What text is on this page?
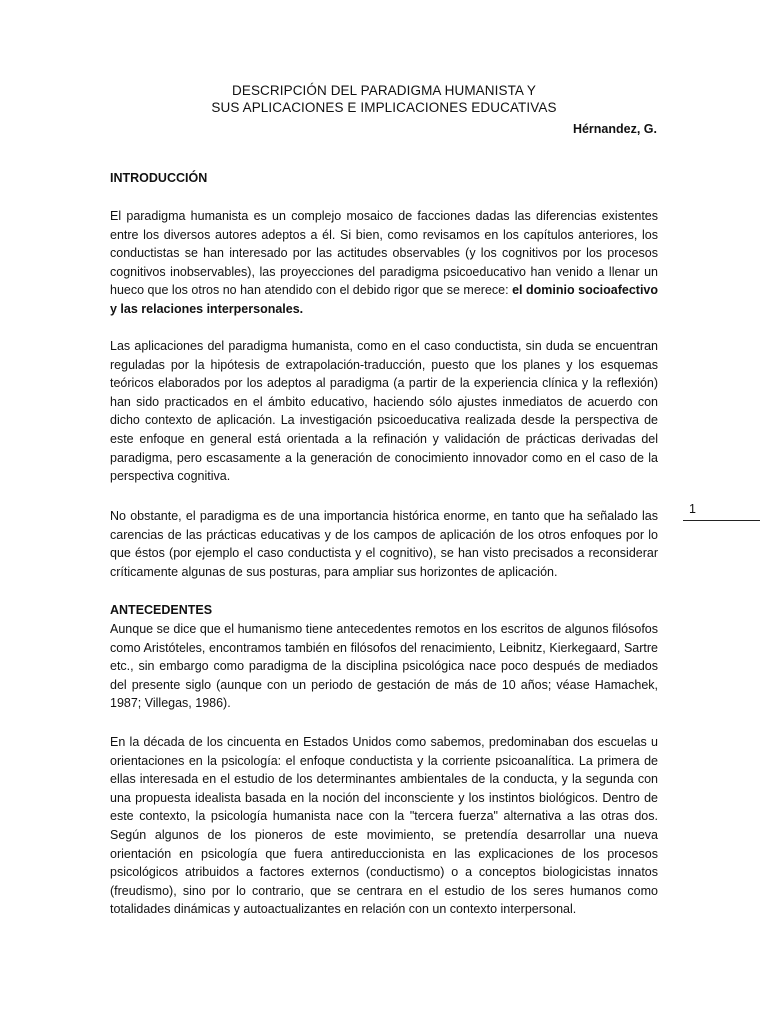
DESCRIPCIÓN DEL PARADIGMA HUMANISTA Y
SUS APLICACIONES E IMPLICACIONES EDUCATIVAS
Hérnandez, G.
INTRODUCCIÓN
El paradigma humanista es un complejo mosaico de facciones dadas las diferencias existentes entre los diversos autores adeptos a él. Si bien, como revisamos en los capítulos anteriores, los conductistas se han interesado por las actitudes observables (y los cognitivos por los procesos cognitivos inobservables), las proyecciones del paradigma psicoeducativo han venido a llenar un hueco que los otros no han atendido con el debido rigor que se merece: el dominio socioafectivo y las relaciones interpersonales.
Las aplicaciones del paradigma humanista, como en el caso conductista, sin duda se encuentran reguladas por la hipótesis de extrapolación-traducción, puesto que los planes y los esquemas teóricos elaborados por los adeptos al paradigma (a partir de la experiencia clínica y la reflexión) han sido practicados en el ámbito educativo, haciendo sólo ajustes inmediatos de acuerdo con dicho contexto de aplicación. La investigación psicoeducativa realizada desde la perspectiva de este enfoque en general está orientada a la refinación y validación de prácticas derivadas del paradigma, pero escasamente a la generación de conocimiento innovador como en el caso de la perspectiva cognitiva.
No obstante, el paradigma es de una importancia histórica enorme, en tanto que ha señalado las carencias de las prácticas educativas y de los campos de aplicación de los otros enfoques por lo que éstos (por ejemplo el caso conductista y el cognitivo), se han visto precisados a reconsiderar críticamente algunas de sus posturas, para ampliar sus horizontes de aplicación.
1
ANTECEDENTES
Aunque se dice que el humanismo tiene antecedentes remotos en los escritos de algunos filósofos como Aristóteles, encontramos también en filósofos del renacimiento, Leibnitz, Kierkegaard, Sartre etc., sin embargo como paradigma de la disciplina psicológica nace poco después de mediados del presente siglo (aunque con un periodo de gestación de más de 10 años; véase Hamachek, 1987; Villegas, 1986).
En la década de los cincuenta en Estados Unidos como sabemos, predominaban dos escuelas u orientaciones en la psicología: el enfoque conductista y la corriente psicoanalítica. La primera de ellas interesada en el estudio de los determinantes ambientales de la conducta, y la segunda con una propuesta idealista basada en la noción del inconsciente y los instintos biológicos. Dentro de este contexto, la psicología humanista nace con la "tercera fuerza" alternativa a las otras dos. Según algunos de los pioneros de este movimiento, se pretendía desarrollar una nueva orientación en psicología que fuera antireduccionista en las explicaciones de los procesos psicológicos atribuidos a factores externos (conductismo) o a conceptos biologicistas innatos (freudismo), sino por lo contrario, que se centrara en el estudio de los seres humanos como totalidades dinámicas y autoactualizantes en relación con un contexto interpersonal.
